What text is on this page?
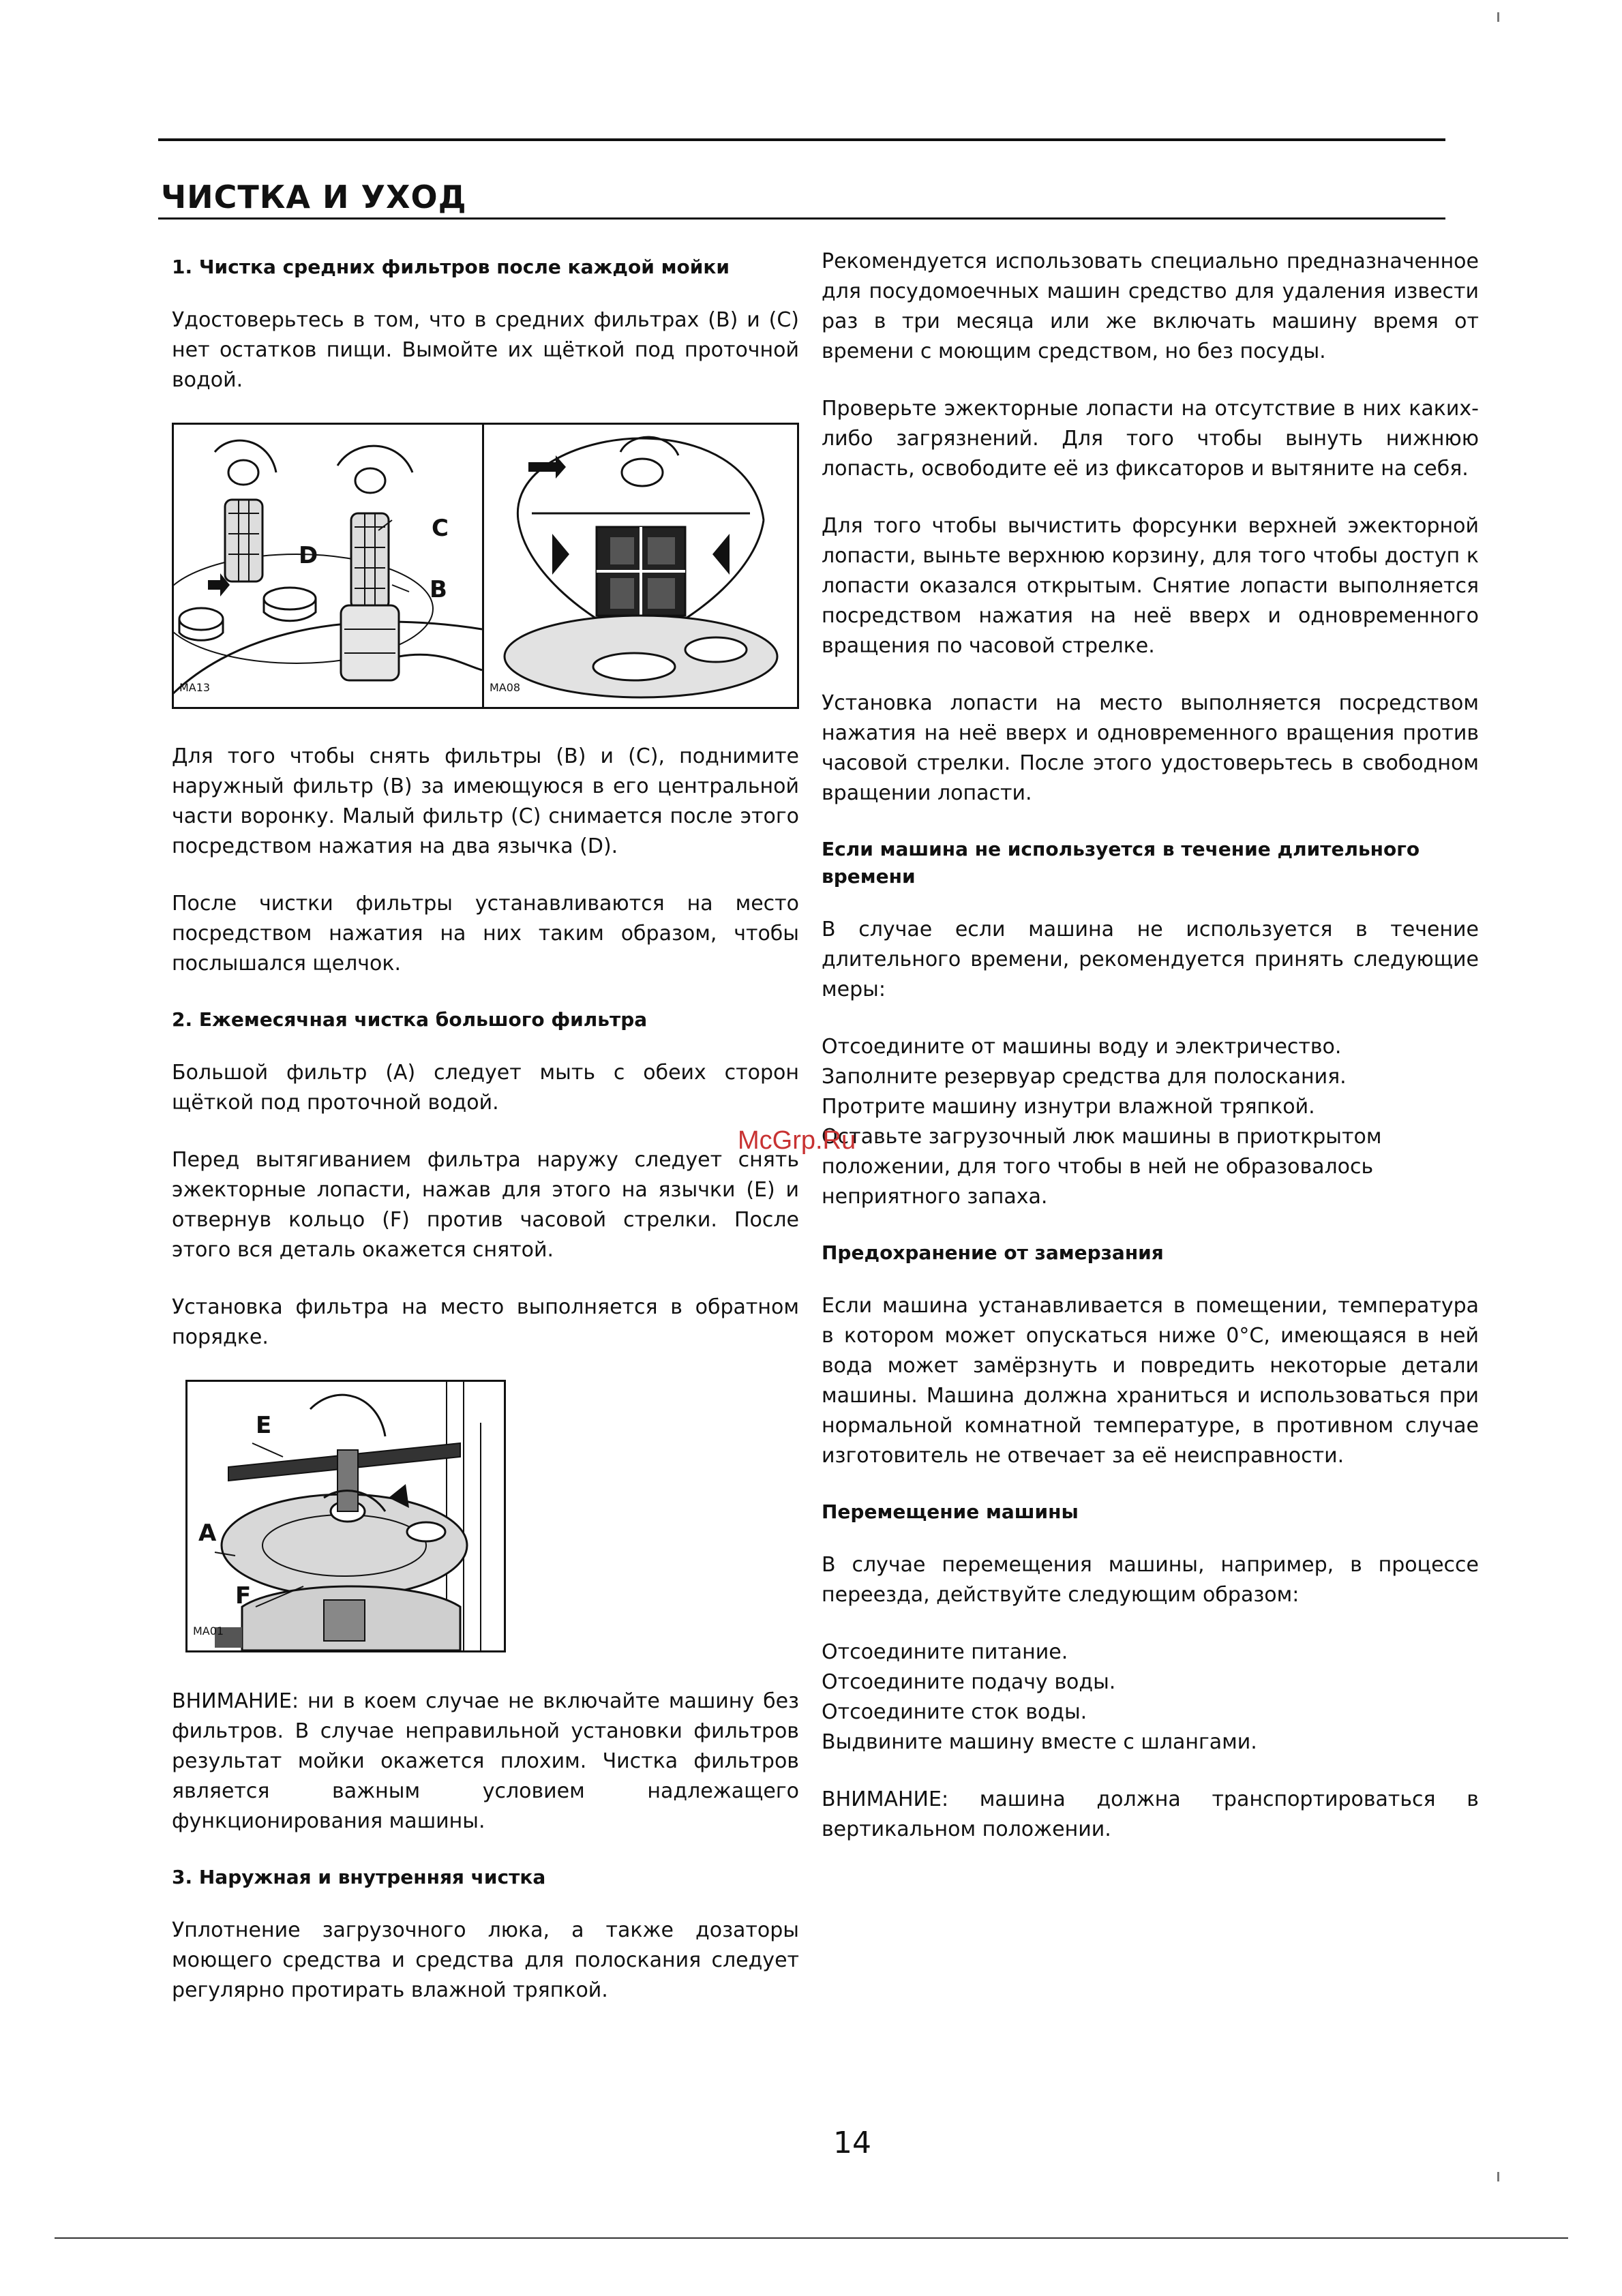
ЧИСТКА И УХОД
1. Чистка средних фильтров после каждой мойки

Удостоверьтесь в том, что в средних фильтрах (В) и (С) нет остатков пищи. Вымойте их щёткой под проточной водой.

D
C
B
MA13	MA08

Для того чтобы снять фильтры (В) и (С), поднимите наружный фильтр (В) за имеющуюся в его центральной части воронку. Малый фильтр (С) снимается после этого посредством нажатия на два язычка (D).

После чистки фильтры устанавливаются на место посредством нажатия на них таким образом, чтобы послышался щелчок.

2. Ежемесячная чистка большого фильтра

Большой фильтр (А) следует мыть с обеих сторон щёткой под проточной водой.

Перед вытягиванием фильтра наружу следует снять эжекторные лопасти, нажав для этого на язычки (Е) и отвернув кольцо (F) против часовой стрелки. После этого вся деталь окажется снятой.

Установка фильтра на место выполняется в обратном порядке.

E
A
F
MA01

ВНИМАНИЕ: ни в коем случае не включайте машину без фильтров. В случае неправильной установки фильтров результат мойки окажется плохим. Чистка фильтров является важным условием надлежащего функционирования машины.

3. Наружная и внутренняя чистка

Уплотнение загрузочного люка, а также дозаторы моющего средства и средства для полоскания следует регулярно протирать влажной тряпкой.

Рекомендуется использовать специально предназначенное для посудомоечных машин средство для удаления извести раз в три месяца или же включать машину время от времени с моющим средством, но без посуды.

Проверьте эжекторные лопасти на отсутствие в них каких-либо загрязнений. Для того чтобы вынуть нижнюю лопасть, освободите её из фиксаторов и вытяните на себя.

Для того чтобы вычистить форсунки верхней эжекторной лопасти, выньте верхнюю корзину, для того чтобы доступ к лопасти оказался открытым. Снятие лопасти выполняется посредством нажатия на неё вверх и одновременного вращения по часовой стрелке.

Установка лопасти на место выполняется посредством нажатия на неё вверх и одновременного вращения против часовой стрелки. После этого удостоверьтесь в свободном вращении лопасти.

Если машина не используется в течение длительного времени

В случае если машина не используется в течение длительного времени, рекомендуется принять следующие меры:

Отсоедините от машины воду и электричество.
Заполните резервуар средства для полоскания.
Протрите машину изнутри влажной тряпкой.
Оставьте загрузочный люк машины в приоткрытом положении, для того чтобы в ней не образовалось неприятного запаха.
Предохранение от замерзания

Если машина устанавливается в помещении, температура в котором может опускаться ниже 0°С, имеющаяся в ней вода может замёрзнуть и повредить некоторые детали машины. Машина должна храниться и использоваться при нормальной комнатной температуре, в противном случае изготовитель не отвечает за её неисправности.

Перемещение машины

В случае перемещения машины, например, в процессе переезда, действуйте следующим образом:

Отсоедините питание.
Отсоедините подачу воды.
Отсоедините сток воды.
Выдвините машину вместе с шлангами.

ВНИМАНИЕ: машина должна транспортироваться в вертикальном положении.

McGrp.Ru
14
